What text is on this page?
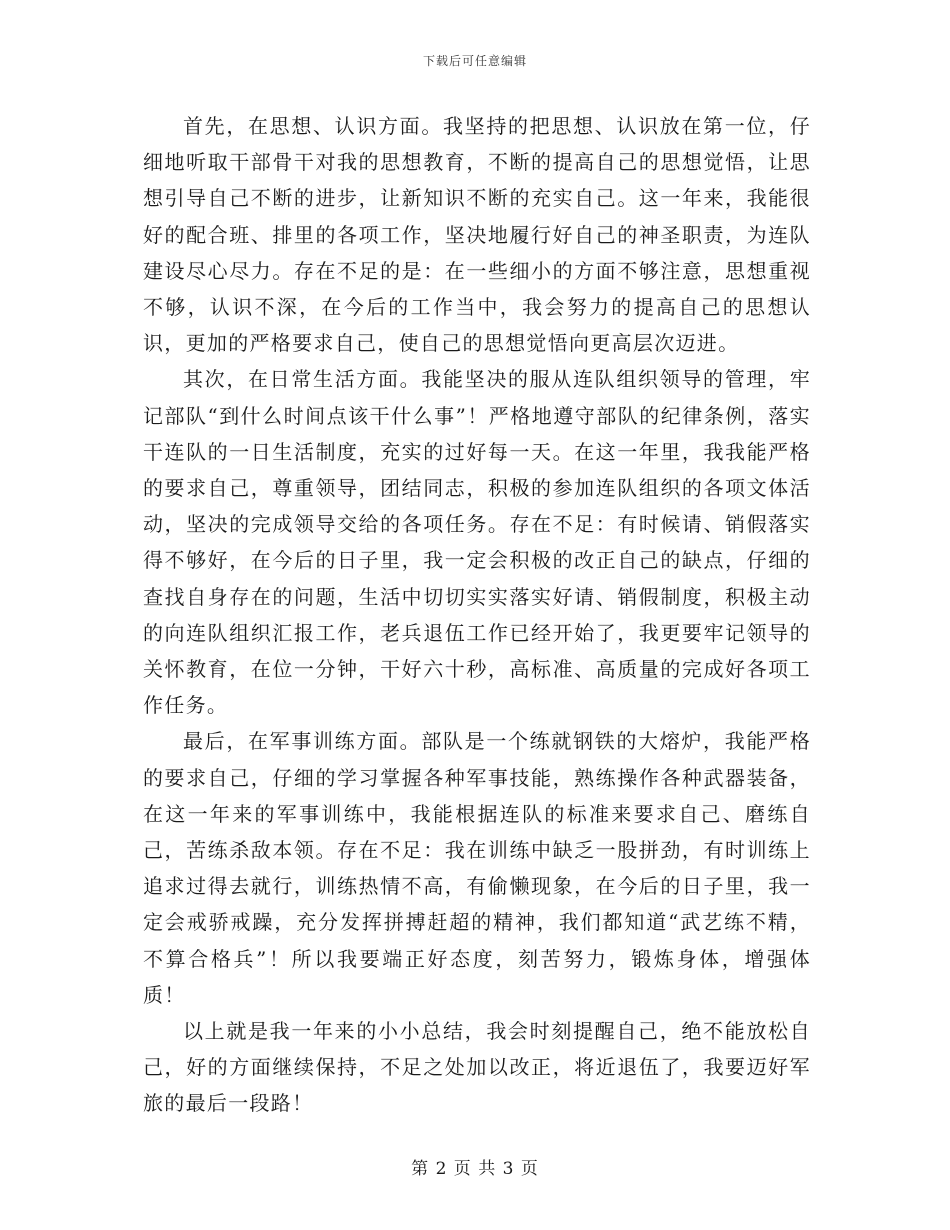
下载后可任意编辑

首先，在思想、认识方面。我坚持的把思想、认识放在第一位，仔细地听取干部骨干对我的思想教育，不断的提高自己的思想觉悟，让思想引导自己不断的进步，让新知识不断的充实自己。这一年来，我能很好的配合班、排里的各项工作，坚决地履行好自己的神圣职责，为连队建设尽心尽力。存在不足的是：在一些细小的方面不够注意，思想重视不够，认识不深，在今后的工作当中，我会努力的提高自己的思想认识，更加的严格要求自己，使自己的思想觉悟向更高层次迈进。

其次，在日常生活方面。我能坚决的服从连队组织领导的管理，牢记部队“到什么时间点该干什么事”！严格地遵守部队的纪律条例，落实干连队的一日生活制度，充实的过好每一天。在这一年里，我我能严格的要求自己，尊重领导，团结同志，积极的参加连队组织的各项文体活动，坚决的完成领导交给的各项任务。存在不足：有时候请、销假落实得不够好，在今后的日子里，我一定会积极的改正自己的缺点，仔细的查找自身存在的问题，生活中切切实实落实好请、销假制度，积极主动的向连队组织汇报工作，老兵退伍工作已经开始了，我更要牢记领导的关怀教育，在位一分钟，干好六十秒，高标准、高质量的完成好各项工作任务。

最后，在军事训练方面。部队是一个练就钢铁的大熔炉，我能严格的要求自己，仔细的学习掌握各种军事技能，熟练操作各种武器装备，在这一年来的军事训练中，我能根据连队的标准来要求自己、磨练自己，苦练杀敌本领。存在不足：我在训练中缺乏一股拼劲，有时训练上追求过得去就行，训练热情不高，有偷懒现象，在今后的日子里，我一定会戒骄戒躁，充分发挥拼搏赶超的精神，我们都知道“武艺练不精，不算合格兵”！所以我要端正好态度，刻苦努力，锻炼身体，增强体质！

以上就是我一年来的小小总结，我会时刻提醒自己，绝不能放松自己，好的方面继续保持，不足之处加以改正，将近退伍了，我要迈好军旅的最后一段路！

第 2 页 共 3 页
